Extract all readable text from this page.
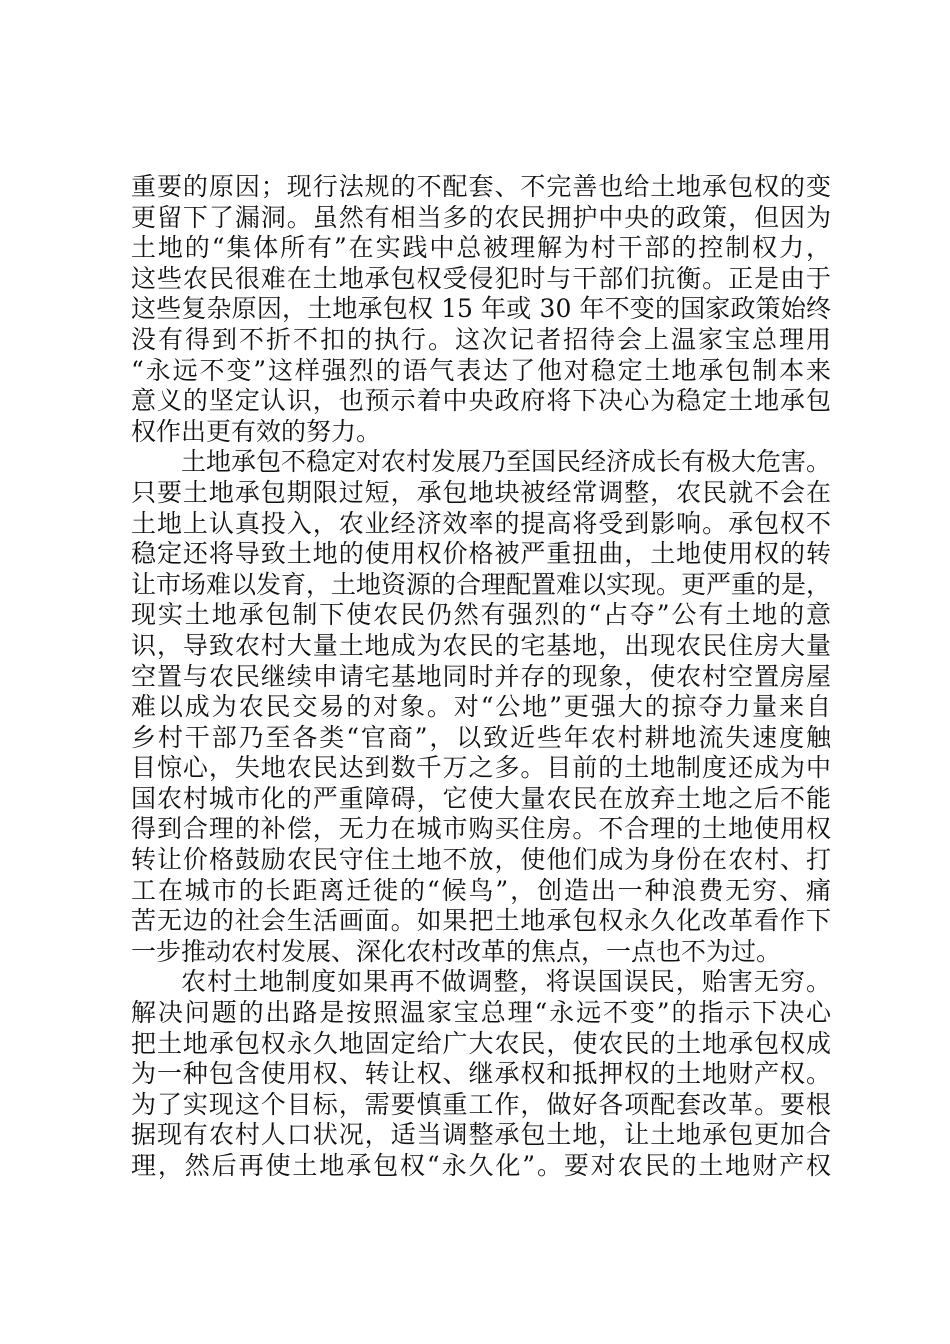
重要的原因；现行法规的不配套、不完善也给土地承包权的变
更留下了漏洞。虽然有相当多的农民拥护中央的政策，但因为
土地的“集体所有”在实践中总被理解为村干部的控制权力，
这些农民很难在土地承包权受侵犯时与干部们抗衡。正是由于
这些复杂原因，土地承包权 15 年或 30 年不变的国家政策始终
没有得到不折不扣的执行。这次记者招待会上温家宝总理用
“永远不变”这样强烈的语气表达了他对稳定土地承包制本来
意义的坚定认识，也预示着中央政府将下决心为稳定土地承包
权作出更有效的努力。
土地承包不稳定对农村发展乃至国民经济成长有极大危害。
只要土地承包期限过短，承包地块被经常调整，农民就不会在
土地上认真投入，农业经济效率的提高将受到影响。承包权不
稳定还将导致土地的使用权价格被严重扭曲，土地使用权的转
让市场难以发育，土地资源的合理配置难以实现。更严重的是，
现实土地承包制下使农民仍然有强烈的“占夺”公有土地的意
识，导致农村大量土地成为农民的宅基地，出现农民住房大量
空置与农民继续申请宅基地同时并存的现象，使农村空置房屋
难以成为农民交易的对象。对“公地”更强大的掠夺力量来自
乡村干部乃至各类“官商”，以致近些年农村耕地流失速度触
目惊心，失地农民达到数千万之多。目前的土地制度还成为中
国农村城市化的严重障碍，它使大量农民在放弃土地之后不能
得到合理的补偿，无力在城市购买住房。不合理的土地使用权
转让价格鼓励农民守住土地不放，使他们成为身份在农村、打
工在城市的长距离迁徙的“候鸟”，创造出一种浪费无穷、痛
苦无边的社会生活画面。如果把土地承包权永久化改革看作下
一步推动农村发展、深化农村改革的焦点，一点也不为过。
农村土地制度如果再不做调整，将误国误民，贻害无穷。
解决问题的出路是按照温家宝总理“永远不变”的指示下决心
把土地承包权永久地固定给广大农民，使农民的土地承包权成
为一种包含使用权、转让权、继承权和抵押权的土地财产权。
为了实现这个目标，需要慎重工作，做好各项配套改革。要根
据现有农村人口状况，适当调整承包土地，让土地承包更加合
理，然后再使土地承包权“永久化”。要对农民的土地财产权
